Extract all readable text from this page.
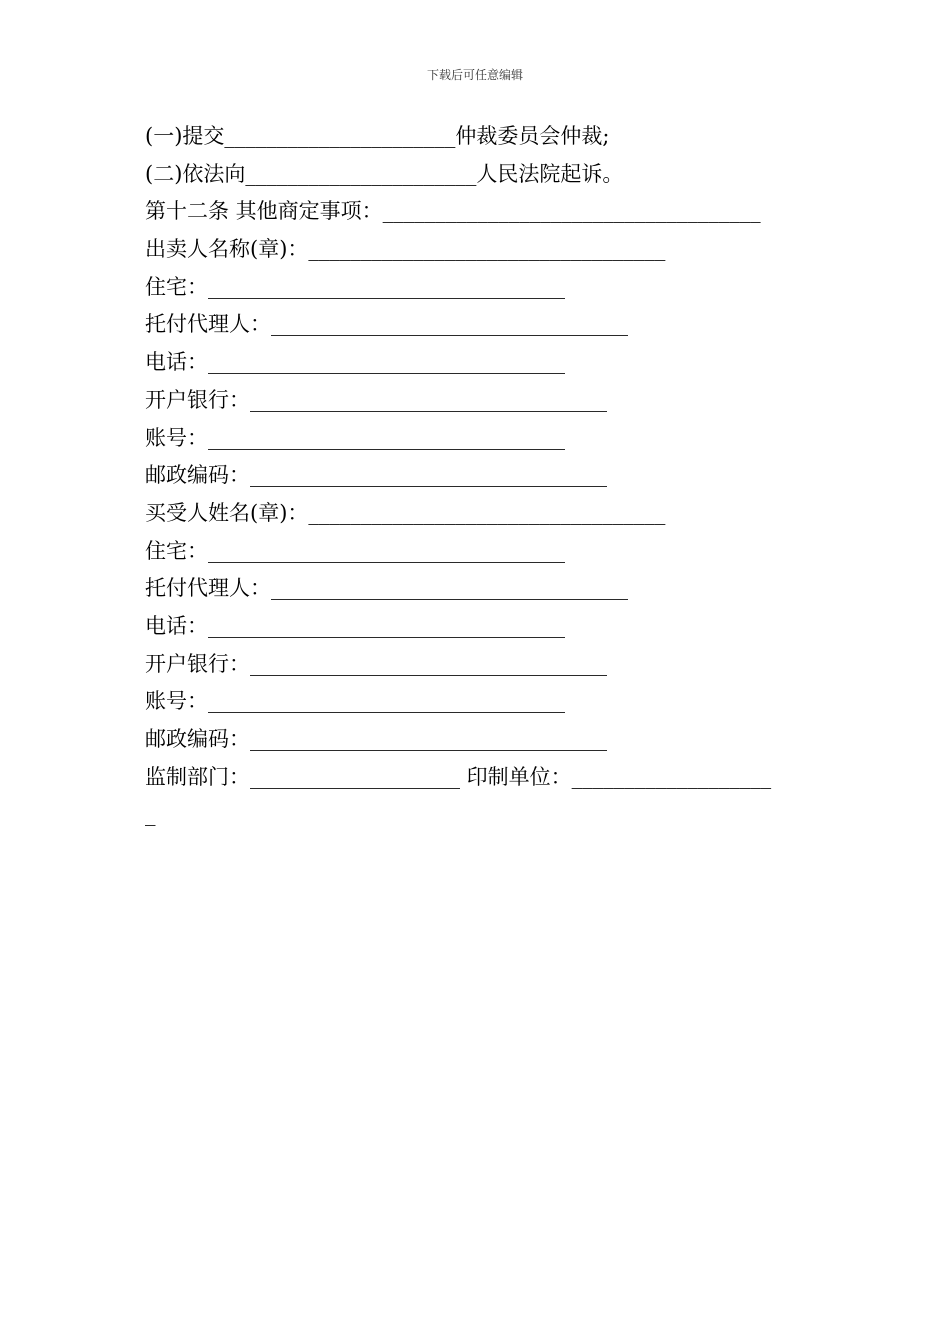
下载后可任意编辑
(一)提交______________________仲裁委员会仲裁;
(二)依法向______________________人民法院起诉。
第十二条 其他商定事项：____________________________________
出卖人名称(章)：__________________________________
住宅：__________________________________
托付代理人：__________________________________
电话：__________________________________
开户银行：__________________________________
账号：__________________________________
邮政编码：__________________________________
买受人姓名(章)：__________________________________
住宅：__________________________________
托付代理人：__________________________________
电话：__________________________________
开户银行：__________________________________
账号：__________________________________
邮政编码：__________________________________
监制部门：____________________ 印制单位：___________________
_
